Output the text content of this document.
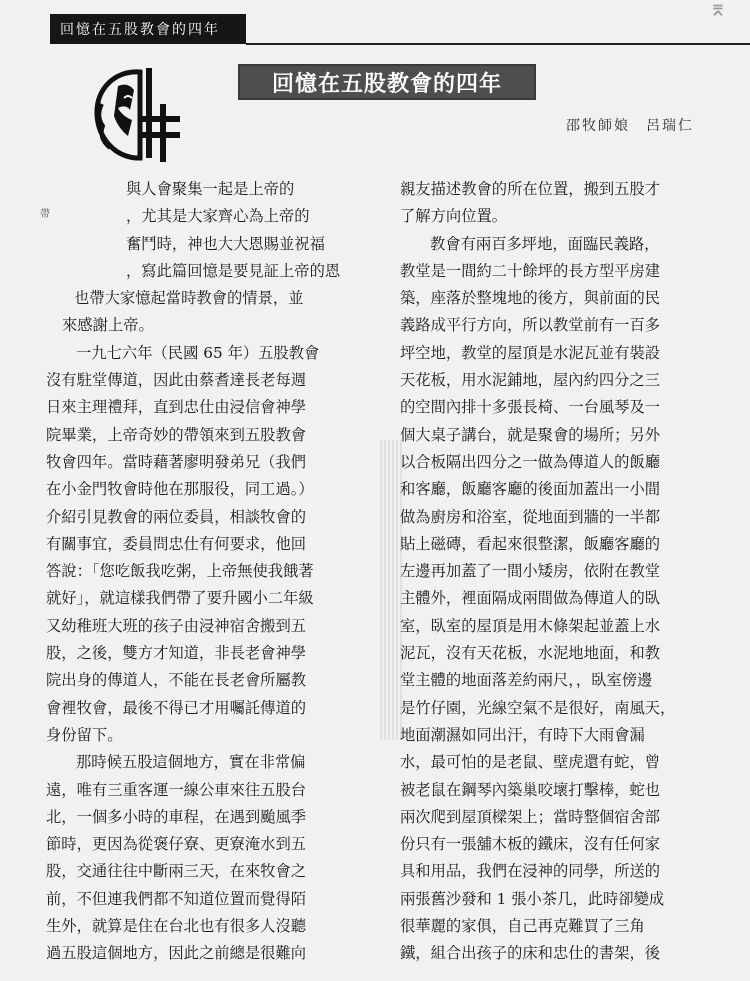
回憶在五股教會的四年
⌆
回憶在五股教會的四年
邵牧師娘　呂瑞仁
帶
與人會聚集一起是上帝的
，尤其是大家齊心為上帝的
奮鬥時，神也大大恩賜並祝福
，寫此篇回憶是要見証上帝的恩
也帶大家憶起當時教會的情景，並
來感謝上帝。
一九七六年（民國 65 年）五股教會
沒有駐堂傳道，因此由蔡耆達長老每週
日來主理禮拜，直到忠仕由浸信會神學
院畢業，上帝奇妙的帶領來到五股教會
牧會四年。當時藉著廖明發弟兄（我們
在小金門牧會時他在那服役，同工過。）
介紹引見教會的兩位委員，相談牧會的
有關事宜，委員問忠仕有何要求，他回
答說：「您吃飯我吃粥，上帝無使我餓著
就好」，就這樣我們帶了要升國小二年級
又幼稚班大班的孩子由浸神宿舍搬到五
股，之後，雙方才知道，非長老會神學
院出身的傳道人，不能在長老會所屬教
會裡牧會，最後不得已才用囑託傳道的
身份留下。
那時候五股這個地方，實在非常偏
遠，唯有三重客運一線公車來往五股台
北，一個多小時的車程，在遇到颱風季
節時，更因為從褒仔寮、更寮淹水到五
股，交通往往中斷兩三天，在來牧會之
前，不但連我們都不知道位置而覺得陌
生外，就算是住在台北也有很多人沒聽
過五股這個地方，因此之前總是很難向
親友描述教會的所在位置，搬到五股才
了解方向位置。
教會有兩百多坪地，面臨民義路，
教堂是一間約二十餘坪的長方型平房建
築，座落於整塊地的後方，與前面的民
義路成平行方向，所以教堂前有一百多
坪空地，教堂的屋頂是水泥瓦並有裝設
天花板，用水泥鋪地，屋內約四分之三
的空間內排十多張長椅、一台風琴及一
個大桌子講台，就是聚會的場所；另外
以合板隔出四分之一做為傳道人的飯廳
和客廳，飯廳客廳的後面加蓋出一小間
做為廚房和浴室，從地面到牆的一半都
貼上磁磚，看起來很整潔，飯廳客廳的
左邊再加蓋了一間小矮房，依附在教堂
主體外，裡面隔成兩間做為傳道人的臥
室，臥室的屋頂是用木條架起並蓋上水
泥瓦，沒有天花板，水泥地地面，和教
堂主體的地面落差約兩尺，，臥室傍邊
是竹仔園，光線空氣不是很好，南風天，
地面潮濕如同出汗，有時下大雨會漏
水，最可怕的是老鼠、壁虎還有蛇，曾
被老鼠在鋼琴內築巢咬壞打擊棒，蛇也
兩次爬到屋頂樑架上；當時整個宿舍部
份只有一張舖木板的鐵床，沒有任何家
具和用品，我們在浸神的同學，所送的
兩張舊沙發和 1 張小茶几，此時卻變成
很華麗的家俱，自己再克難買了三角
鐵，組合出孩子的床和忠仕的書架，後
